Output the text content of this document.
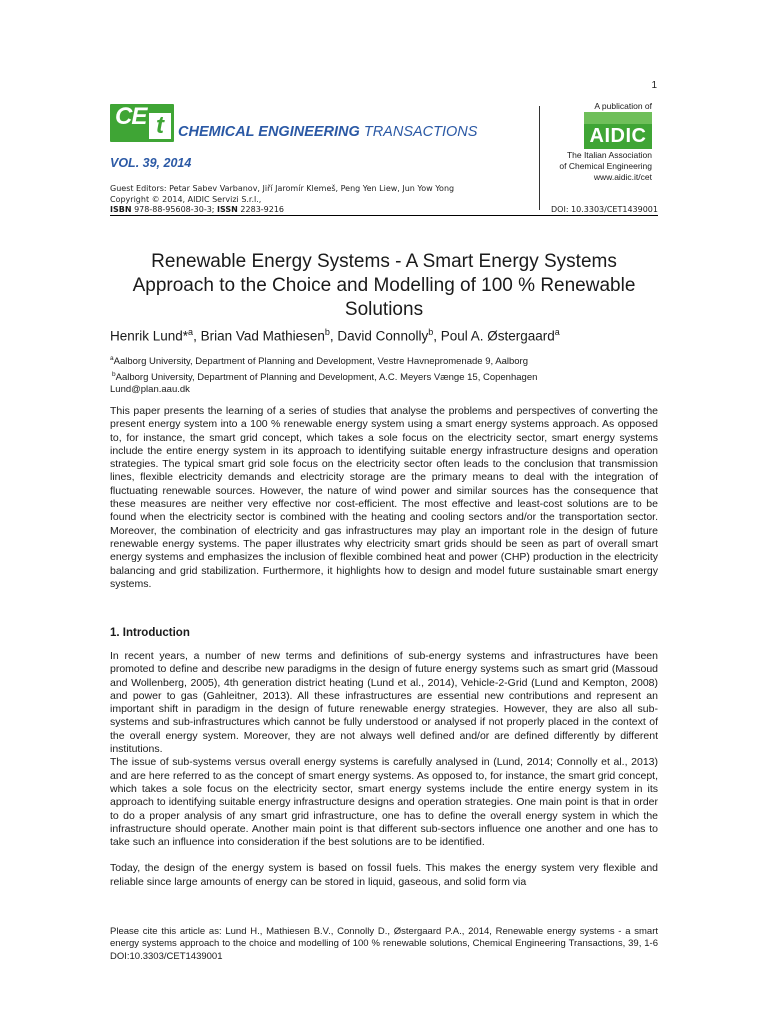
1
CE t CHEMICAL ENGINEERING TRANSACTIONS
VOL. 39, 2014
A publication of
AIDIC
The Italian Association
of Chemical Engineering
www.aidic.it/cet
Guest Editors: Petar Sabev Varbanov, Jiří Jaromír Klemeš, Peng Yen Liew, Jun Yow Yong
Copyright © 2014, AIDIC Servizi S.r.l.,
ISBN 978-88-95608-30-3; ISSN 2283-9216	DOI: 10.3303/CET1439001
Renewable Energy Systems - A Smart Energy Systems Approach to the Choice and Modelling of 100 % Renewable Solutions
Henrik Lund*$^a$, Brian Vad Mathiesen$^b$, David Connolly$^b$, Poul A. Østergaard$^a$
$^a$Aalborg University, Department of Planning and Development, Vestre Havnepromenade 9, Aalborg
$^b$Aalborg University, Department of Planning and Development, A.C. Meyers Vænge 15, Copenhagen
Lund@plan.aau.dk
This paper presents the learning of a series of studies that analyse the problems and perspectives of converting the present energy system into a 100 % renewable energy system using a smart energy systems approach. As opposed to, for instance, the smart grid concept, which takes a sole focus on the electricity sector, smart energy systems include the entire energy system in its approach to identifying suitable energy infrastructure designs and operation strategies. The typical smart grid sole focus on the electricity sector often leads to the conclusion that transmission lines, flexible electricity demands and electricity storage are the primary means to deal with the integration of fluctuating renewable sources. However, the nature of wind power and similar sources has the consequence that these measures are neither very effective nor cost-efficient. The most effective and least-cost solutions are to be found when the electricity sector is combined with the heating and cooling sectors and/or the transportation sector. Moreover, the combination of electricity and gas infrastructures may play an important role in the design of future renewable energy systems. The paper illustrates why electricity smart grids should be seen as part of overall smart energy systems and emphasizes the inclusion of flexible combined heat and power (CHP) production in the electricity balancing and grid stabilization. Furthermore, it highlights how to design and model future sustainable smart energy systems.
1. Introduction

In recent years, a number of new terms and definitions of sub-energy systems and infrastructures have been promoted to define and describe new paradigms in the design of future energy systems such as smart grid (Massoud and Wollenberg, 2005), 4th generation district heating (Lund et al., 2014), Vehicle-2-Grid (Lund and Kempton, 2008) and power to gas (Gahleitner, 2013). All these infrastructures are essential new contributions and represent an important shift in paradigm in the design of future renewable energy strategies. However, they are also all sub-systems and sub-infrastructures which cannot be fully understood or analysed if not properly placed in the context of the overall energy system. Moreover, they are not always well defined and/or are defined differently by different institutions.

The issue of sub-systems versus overall energy systems is carefully analysed in (Lund, 2014; Connolly et al., 2013) and are here referred to as the concept of smart energy systems. As opposed to, for instance, the smart grid concept, which takes a sole focus on the electricity sector, smart energy systems include the entire energy system in its approach to identifying suitable energy infrastructure designs and operation strategies. One main point is that in order to do a proper analysis of any smart grid infrastructure, one has to define the overall energy system in which the infrastructure should operate. Another main point is that different sub-sectors influence one another and one has to take such an influence into consideration if the best solutions are to be identified.

Today, the design of the energy system is based on fossil fuels. This makes the energy system very flexible and reliable since large amounts of energy can be stored in liquid, gaseous, and solid form via

Please cite this article as: Lund H., Mathiesen B.V., Connolly D., Østergaard P.A., 2014, Renewable energy systems - a smart energy systems approach to the choice and modelling of 100 % renewable solutions, Chemical Engineering Transactions, 39, 1-6 DOI:10.3303/CET1439001
